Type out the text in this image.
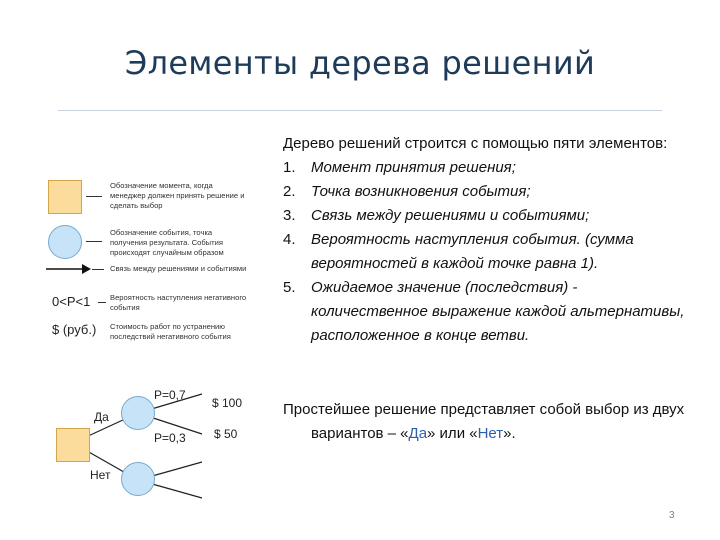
Элементы дерева решений
Обозначение момента, когда менеджер должен принять решение и сделать выбор
Обозначение события, точка получения результата. События происходят случайным образом
Связь между решениями и событиями
0<P<1	Вероятность наступления негативного события
$ (руб.) Стоимость работ по устранению последствий негативного события
Да
Нет
P=0,7
P=0,3
$ 100
$ 50
Дерево решений строится с помощью пяти элементов:
1. Момент принятия решения;
2. Точка возникновения события;
3. Связь между решениями и событиями;
4. Вероятность наступления события. (сумма вероятностей в каждой точке равна 1).
5. Ожидаемое значение (последствия) - количественное выражение каждой альтернативы, расположенное в конце ветви.
Простейшее решение представляет собой выбор из двух вариантов – «Да» или «Нет».
3
